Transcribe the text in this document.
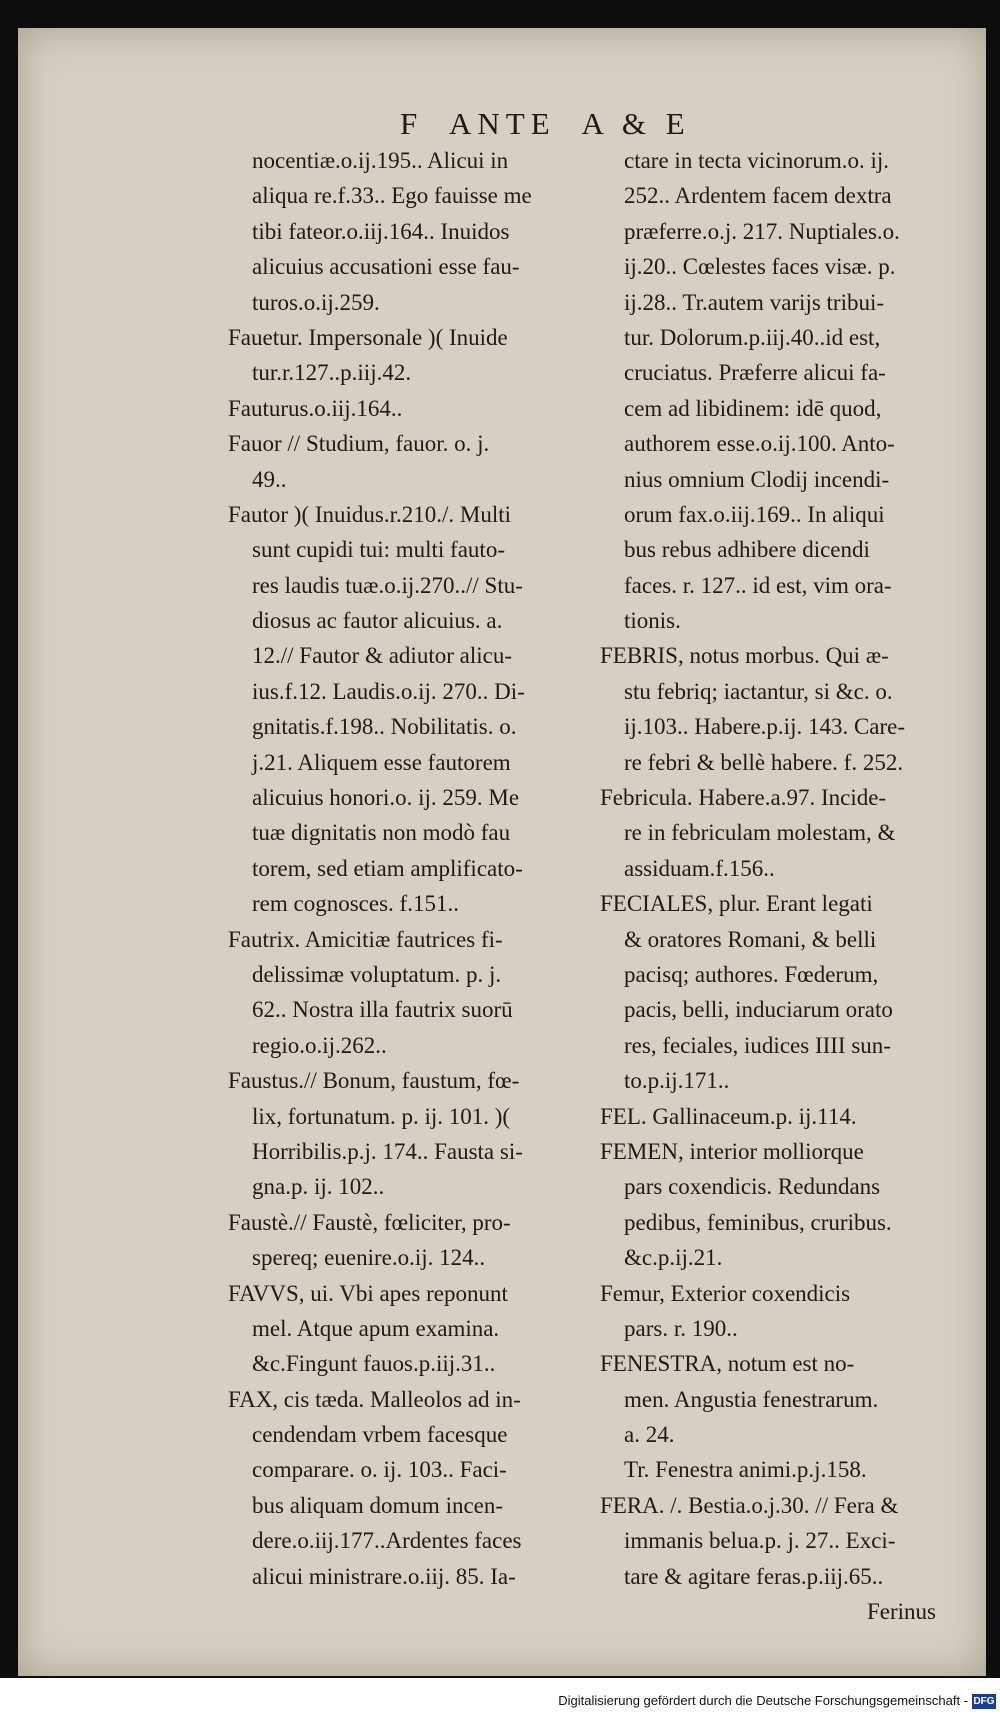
F  ANTE  A & E
nocentiæ.o.ij.195.. Alicui in
aliqua re.f.33.. Ego fauisse me
tibi fateor.o.iij.164.. Inuidos
alicuius accusationi esse fau-
turos.o.ij.259.
Fauetur. Impersonale )( Inuide
tur.r.127..p.iij.42.
Fauturus.o.iij.164..
Fauor // Studium, fauor. o. j.
49..
Fautor )( Inuidus.r.210./. Multi
sunt cupidi tui: multi fauto-
res laudis tuæ.o.ij.270..// Stu-
diosus ac fautor alicuius. a.
12.// Fautor & adiutor alicu-
ius.f.12. Laudis.o.ij. 270.. Di-
gnitatis.f.198.. Nobilitatis. o.
j.21. Aliquem esse fautorem
alicuius honori.o. ij. 259. Me
tuæ dignitatis non modò fau
torem, sed etiam amplificato-
rem cognosces. f.151..
Fautrix. Amicitiæ fautrices fi-
delissimæ voluptatum. p. j.
62.. Nostra illa fautrix suorū
regio.o.ij.262..
Faustus.// Bonum, faustum, fœ-
lix, fortunatum. p. ij. 101. )(
Horribilis.p.j. 174.. Fausta si-
gna.p. ij. 102..
Faustè.// Faustè, fœliciter, pro-
spereq; euenire.o.ij. 124..
FAVVS, ui. Vbi apes reponunt
mel. Atque apum examina.
&c.Fingunt fauos.p.iij.31..
FAX, cis tæda. Malleolos ad in-
cendendam vrbem facesque
comparare. o. ij. 103.. Faci-
bus aliquam domum incen-
dere.o.iij.177..Ardentes faces
alicui ministrare.o.iij. 85. Ia-
ctare in tecta vicinorum.o. ij.
252.. Ardentem facem dextra
præferre.o.j. 217. Nuptiales.o.
ij.20.. Cœlestes faces visæ. p.
ij.28.. Tr.autem varijs tribui-
tur. Dolorum.p.iij.40..id est,
cruciatus. Præferre alicui fa-
cem ad libidinem: idē quod,
authorem esse.o.ij.100. Anto-
nius omnium Clodij incendi-
orum fax.o.iij.169.. In aliqui
bus rebus adhibere dicendi
faces. r. 127.. id est, vim ora-
tionis.
FEBRIS, notus morbus. Qui æ-
stu febriq; iactantur, si &c. o.
ij.103.. Habere.p.ij. 143. Care-
re febri & bellè habere. f. 252.
Febricula. Habere.a.97. Incide-
re in febriculam molestam, &
assiduam.f.156..
FECIALES, plur. Erant legati
& oratores Romani, & belli
pacisq; authores. Fœderum,
pacis, belli, induciarum orato
res, feciales, iudices IIII sun-
to.p.ij.171..
FEL. Gallinaceum.p. ij.114.
FEMEN, interior molliorque
pars coxendicis. Redundans
pedibus, feminibus, cruribus.
&c.p.ij.21.
Femur, Exterior coxendicis
pars. r. 190..
FENESTRA, notum est no-
men. Angustia fenestrarum.
a. 24.
Tr. Fenestra animi.p.j.158.
FERA. /. Bestia.o.j.30. // Fera &
immanis belua.p. j. 27.. Exci-
tare & agitare feras.p.iij.65..
Ferinus
Digitalisierung gefördert durch die Deutsche Forschungsgemeinschaft - DFG
